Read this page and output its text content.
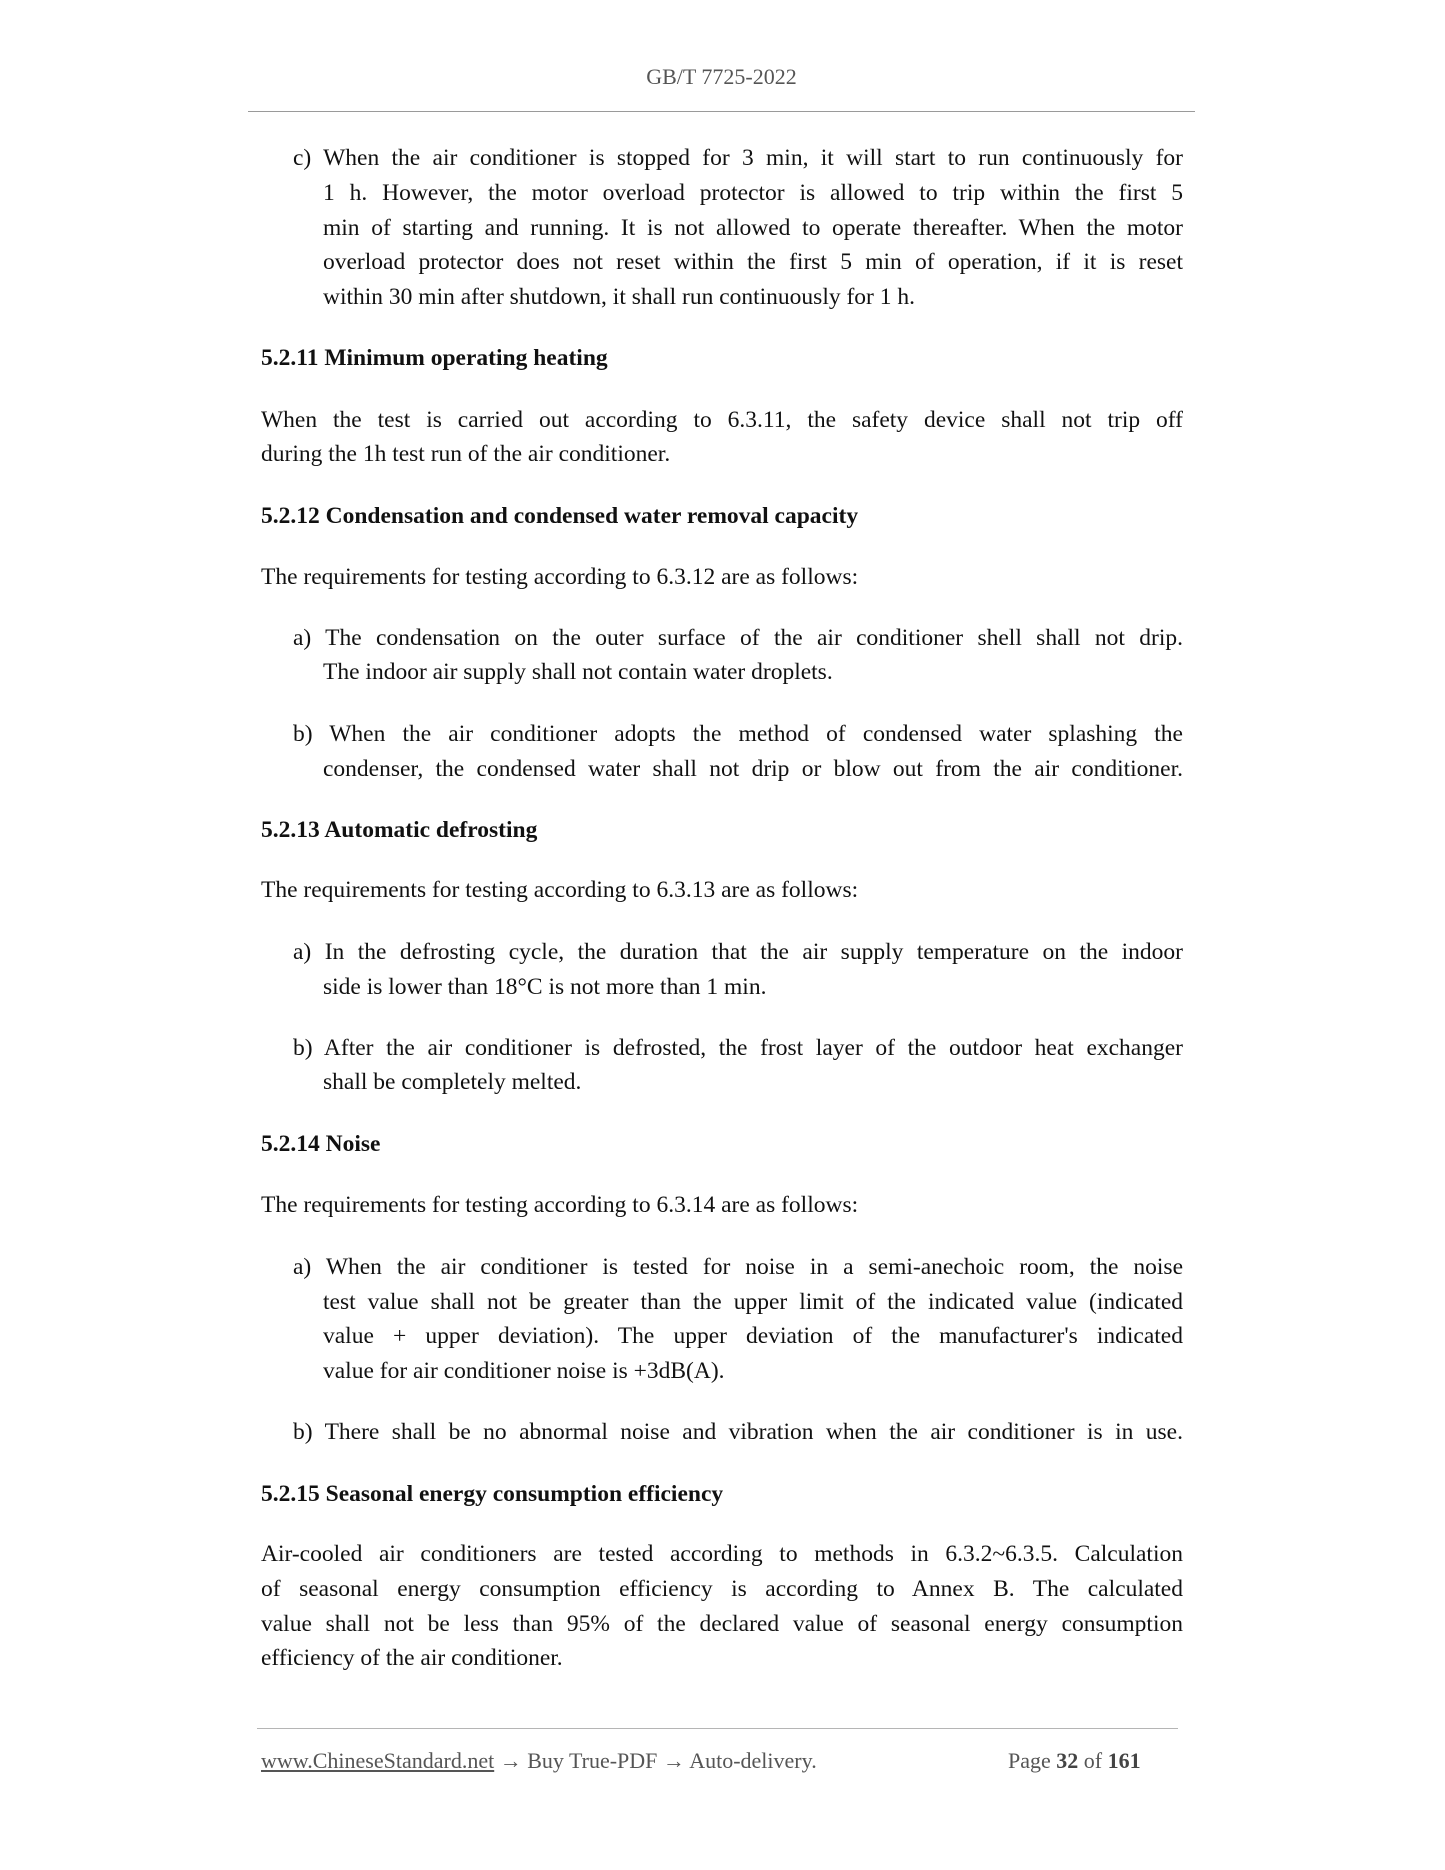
GB/T 7725-2022
c) When the air conditioner is stopped for 3 min, it will start to run continuously for
1 h. However, the motor overload protector is allowed to trip within the first 5
min of starting and running. It is not allowed to operate thereafter. When the motor
overload protector does not reset within the first 5 min of operation, if it is reset
within 30 min after shutdown, it shall run continuously for 1 h.
5.2.11 Minimum operating heating
When the test is carried out according to 6.3.11, the safety device shall not trip off
during the 1h test run of the air conditioner.
5.2.12 Condensation and condensed water removal capacity
The requirements for testing according to 6.3.12 are as follows:
a) The condensation on the outer surface of the air conditioner shell shall not drip.
The indoor air supply shall not contain water droplets.
b) When the air conditioner adopts the method of condensed water splashing the
condenser, the condensed water shall not drip or blow out from the air conditioner.
5.2.13 Automatic defrosting
The requirements for testing according to 6.3.13 are as follows:
a) In the defrosting cycle, the duration that the air supply temperature on the indoor
side is lower than 18°C is not more than 1 min.
b) After the air conditioner is defrosted, the frost layer of the outdoor heat exchanger
shall be completely melted.
5.2.14 Noise
The requirements for testing according to 6.3.14 are as follows:
a) When the air conditioner is tested for noise in a semi-anechoic room, the noise
test value shall not be greater than the upper limit of the indicated value (indicated
value + upper deviation). The upper deviation of the manufacturer's indicated
value for air conditioner noise is +3dB(A).
b) There shall be no abnormal noise and vibration when the air conditioner is in use.
5.2.15 Seasonal energy consumption efficiency
Air-cooled air conditioners are tested according to methods in 6.3.2~6.3.5. Calculation
of seasonal energy consumption efficiency is according to Annex B. The calculated
value shall not be less than 95% of the declared value of seasonal energy consumption
efficiency of the air conditioner.
www.ChineseStandard.net → Buy True-PDF → Auto-delivery.	Page 32 of 161
